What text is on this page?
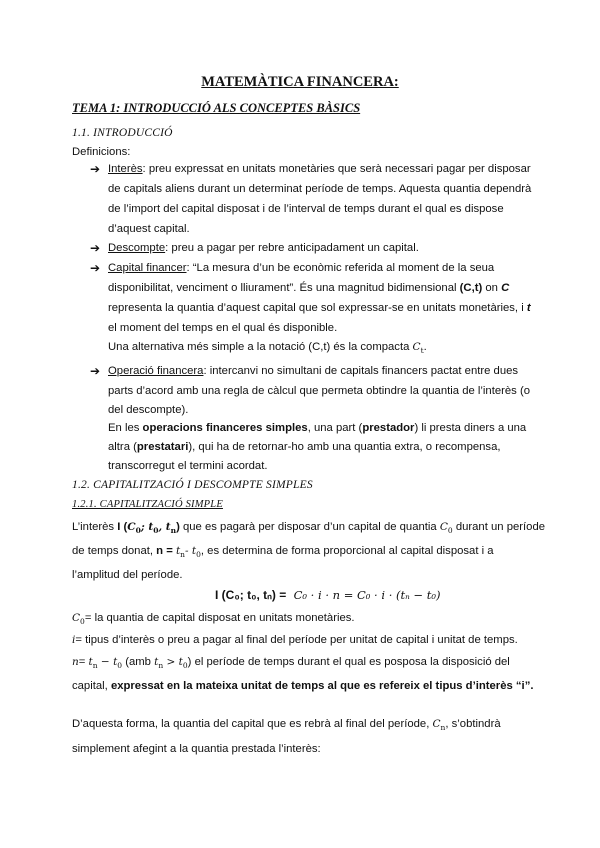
MATEMÀTICA FINANCERA:
TEMA 1: INTRODUCCIÓ ALS CONCEPTES BÀSICS
1.1. INTRODUCCIÓ
Definicions:
➔ Interès: preu expressat en unitats monetàries que serà necessari pagar per disposar
de capitals aliens durant un determinat període de temps. Aquesta quantia dependrà
de l’import del capital disposat i de l’interval de temps durant el qual es dispose
d’aquest capital.
➔ Descompte: preu a pagar per rebre anticipadament un capital.
➔ Capital financer: “La mesura d’un be econòmic referida al moment de la seua
disponibilitat, venciment o lliurament”. És una magnitud bidimensional (C,t) on C
representa la quantia d’aquest capital que sol expressar-se en unitats monetàries, i t
el moment del temps en el qual és disponible.
Una alternativa més simple a la notació (C,t) és la compacta $C_t$.
➔ Operació financera: intercanvi no simultani de capitals financers pactat entre dues
parts d’acord amb una regla de càlcul que permeta obtindre la quantia de l’interès (o
del descompte).
En les operacions financeres simples, una part (prestador) li presta diners a una
altra (prestatari), qui ha de retornar-ho amb una quantia extra, o recompensa,
transcorregut el termini acordat.
1.2. CAPITALITZACIÓ I DESCOMPTE SIMPLES
1.2.1. CAPITALITZACIÓ SIMPLE
L’interès I ($C_0$; $t_0$, $t_n$) que es pagarà per disposar d’un capital de quantia $C_0$ durant un període
de temps donat, $n = t_n-$ $t_0$, es determina de forma proporcional al capital disposat i a
l’amplitud del període.
I (C₀; t₀, tₙ) = C₀ · i · n = C₀ · i · (tₙ − t₀)
$C_0=$ la quantia de capital disposat en unitats monetàries.
i= tipus d’interès o preu a pagar al final del període per unitat de capital i unitat de temps.
$n= t_n - t_0$ (amb $t_n > t_0$) el període de temps durant el qual es posposa la disposició del
capital, expressat en la mateixa unitat de temps al que es refereix el tipus d’interès “i”.
D’aquesta forma, la quantia del capital que es rebrà al final del període, $C_n$, s’obtindrà
simplement afegint a la quantia prestada l’interès:
